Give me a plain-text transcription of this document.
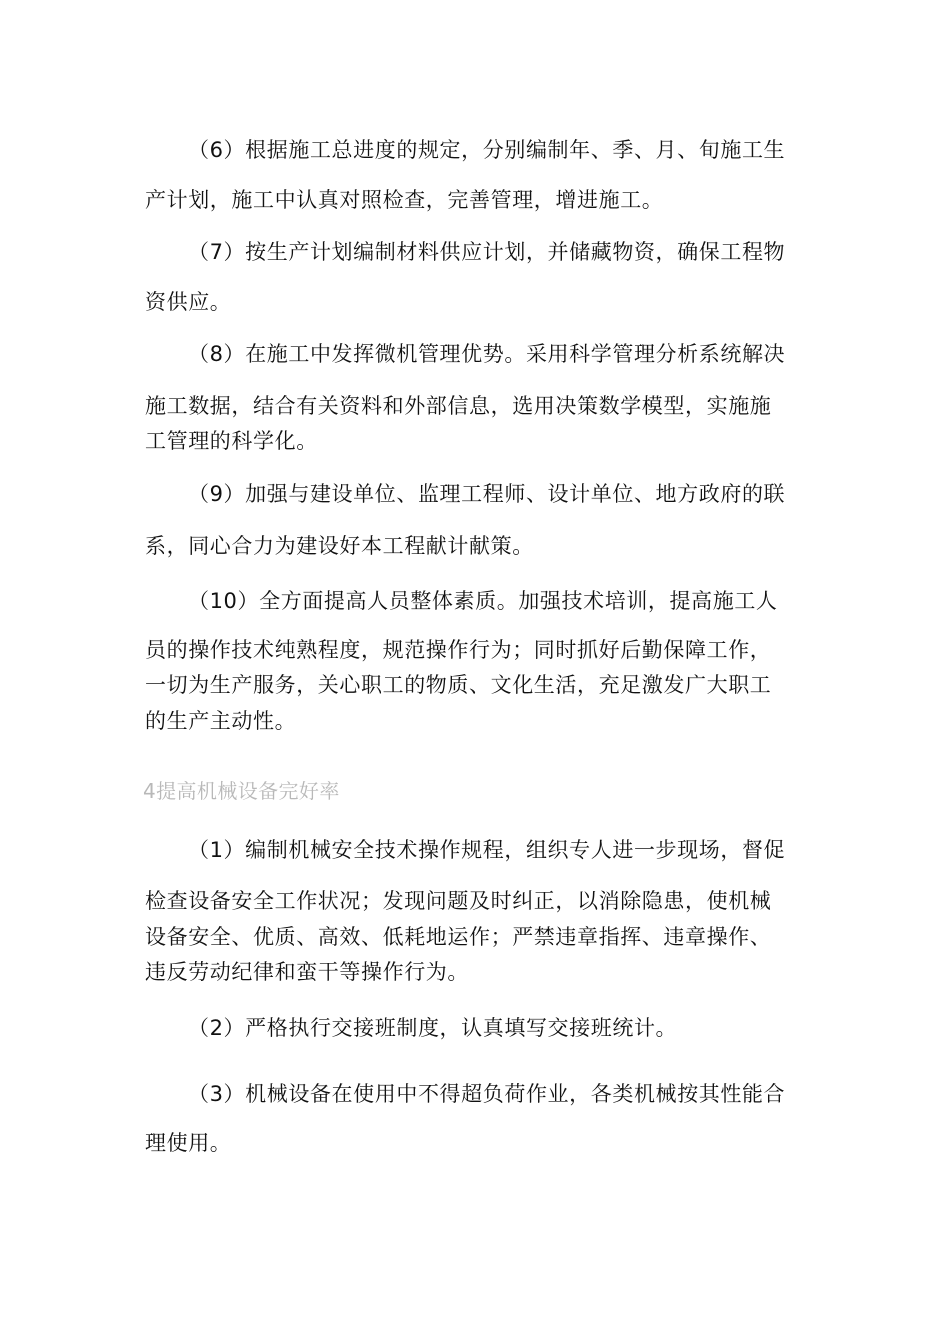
（6）根据施工总进度的规定，分别编制年、季、月、旬施工生
产计划，施工中认真对照检查，完善管理，增进施工。
（7）按生产计划编制材料供应计划，并储藏物资，确保工程物
资供应。
（8）在施工中发挥微机管理优势。采用科学管理分析系统解决
施工数据，结合有关资料和外部信息，选用决策数学模型，实施施
工管理的科学化。
（9）加强与建设单位、监理工程师、设计单位、地方政府的联
系，同心合力为建设好本工程献计献策。
（10）全方面提高人员整体素质。加强技术培训，提高施工人
员的操作技术纯熟程度，规范操作行为；同时抓好后勤保障工作，
一切为生产服务，关心职工的物质、文化生活，充足激发广大职工
的生产主动性。
4提高机械设备完好率
（1）编制机械安全技术操作规程，组织专人进一步现场，督促
检查设备安全工作状况；发现问题及时纠正，以消除隐患，使机械
设备安全、优质、高效、低耗地运作；严禁违章指挥、违章操作、
违反劳动纪律和蛮干等操作行为。
（2）严格执行交接班制度，认真填写交接班统计。
（3）机械设备在使用中不得超负荷作业，各类机械按其性能合
理使用。
